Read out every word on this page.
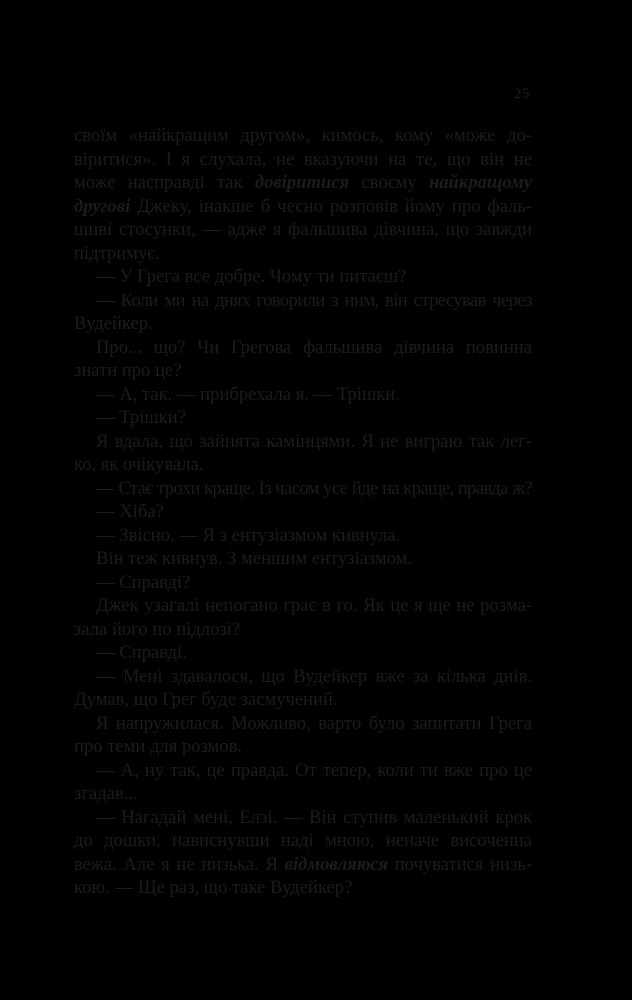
25
своїм «найкращим другом», кимось, кому «може до-
віритися». І я слухала, не вказуючи на те, що він не
може насправді так довіритися своєму найкращому
другові Джеку, інакше б чесно розповів йому про фаль-
шиві стосунки, — адже я фальшива дівчина, що завжди
підтримує.
— У Грега все добре. Чому ти питаєш?
— Коли ми на днях говорили з ним, він стресував через
Вудейкер.
Про... що? Чи Грегова фальшива дівчина повинна
знати про це?
— А, так. — прибрехала я. — Трішки.
— Трішки?
Я вдала, що зайнята камінцями. Я не виграю так лег-
ко, як очікувала.
— Стає трохи краще. Із часом усе йде на краще, правда ж?
— Хіба?
— Звісно. — Я з ентузіазмом кивнула.
Він теж кивнув. З меншим ентузіазмом.
— Справді?
Джек узагалі непогано грає в го. Як це я ще не розма-
зала його по підлозі?
— Справді.
— Мені здавалося, що Вудейкер вже за кілька днів.
Думав, що Грег буде засмучений.
Я напружилася. Можливо, варто було запитати Грега
про теми для розмов.
— А, ну так, це правда. От тепер, коли ти вже про це
згадав...
— Нагадай мені, Елзі. — Він ступив маленький крок
до дошки, нависнувши наді мною, неначе височенна
вежа. Але я не низька. Я відмовляюся почуватися низь-
кою. — Ще раз, що таке Вудейкер?
